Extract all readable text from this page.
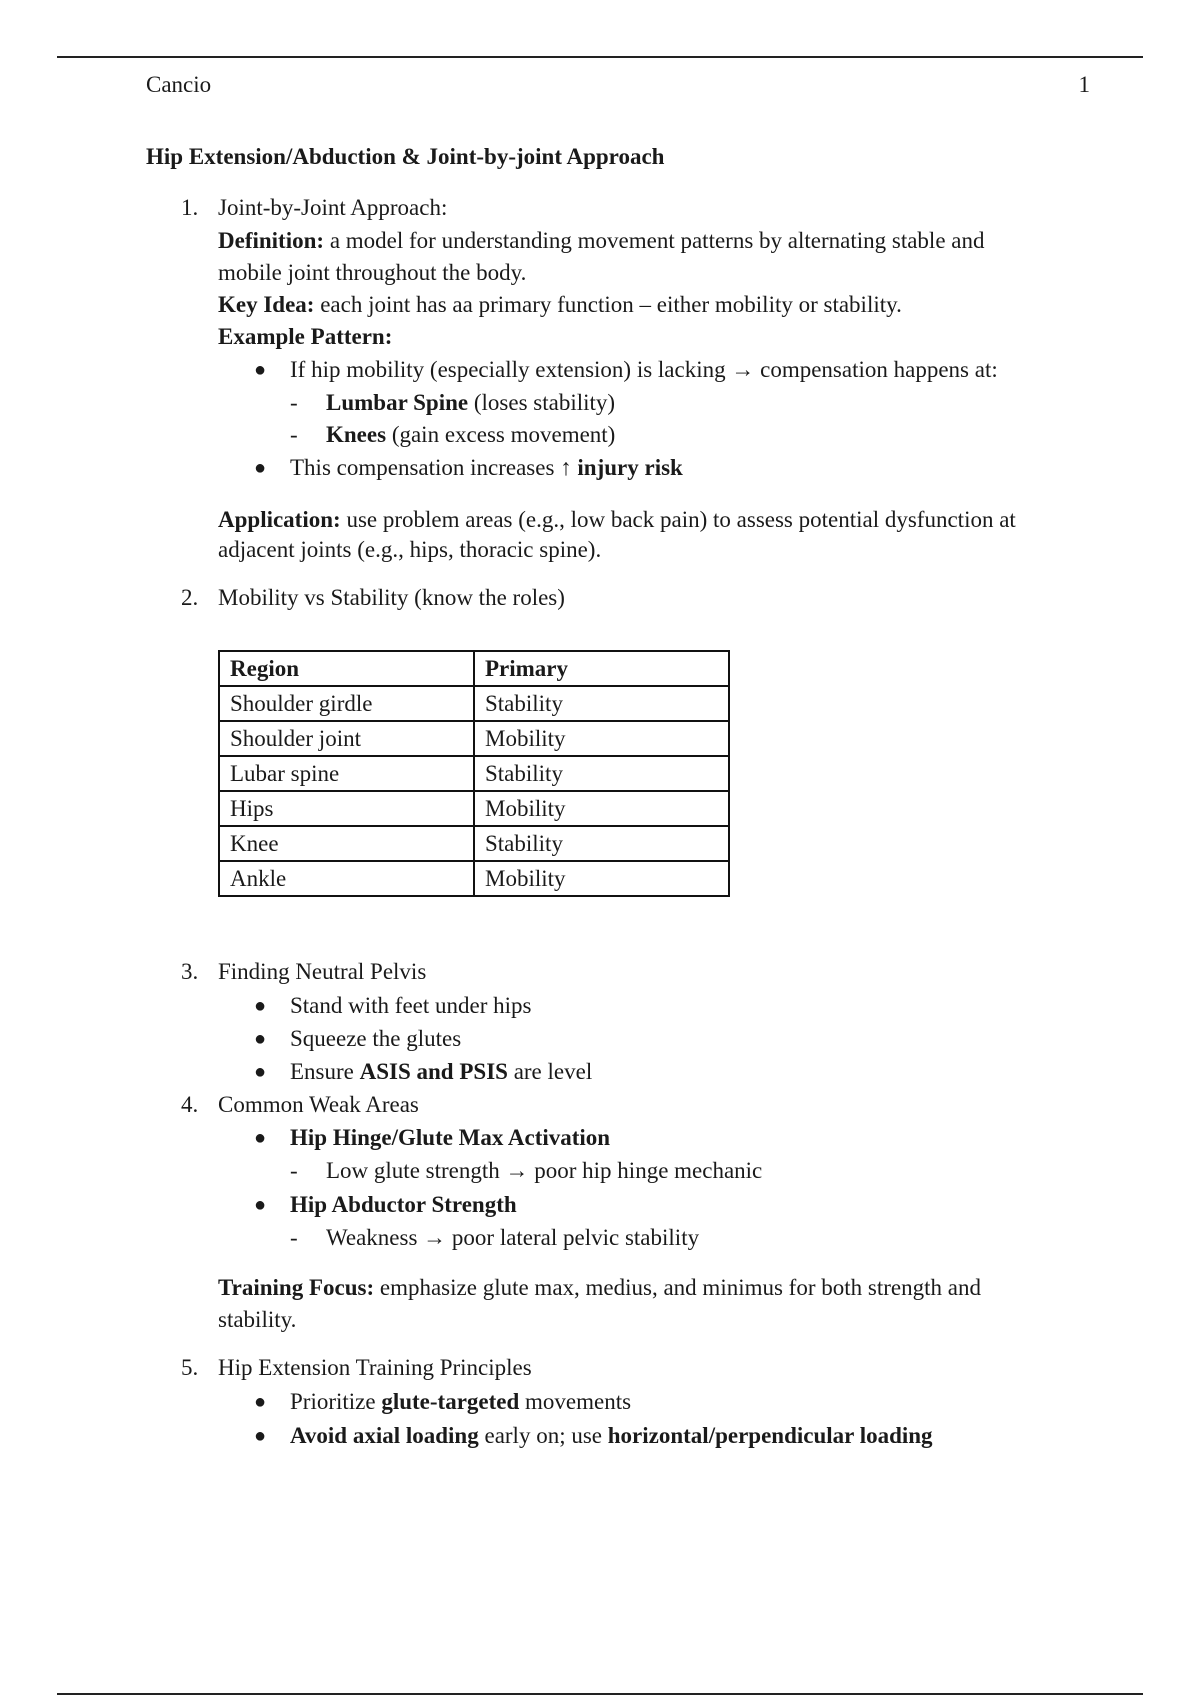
Cancio	1
Hip Extension/Abduction & Joint-by-joint Approach
1. Joint-by-Joint Approach:
Definition: a model for understanding movement patterns by alternating stable and
mobile joint throughout the body.
Key Idea: each joint has aa primary function – either mobility or stability.
Example Pattern:
● If hip mobility (especially extension) is lacking → compensation happens at:
- Lumbar Spine (loses stability)
- Knees (gain excess movement)
● This compensation increases ↑ injury risk
Application: use problem areas (e.g., low back pain) to assess potential dysfunction at
adjacent joints (e.g., hips, thoracic spine).
2. Mobility vs Stability (know the roles)
Region	Primary
Shoulder girdle	Stability
Shoulder joint	Mobility
Lubar spine	Stability
Hips	Mobility
Knee	Stability
Ankle	Mobility
3. Finding Neutral Pelvis
● Stand with feet under hips
● Squeeze the glutes
● Ensure ASIS and PSIS are level
4. Common Weak Areas
● Hip Hinge/Glute Max Activation
- Low glute strength → poor hip hinge mechanic
● Hip Abductor Strength
- Weakness → poor lateral pelvic stability
Training Focus: emphasize glute max, medius, and minimus for both strength and
stability.
5. Hip Extension Training Principles
● Prioritize glute-targeted movements
● Avoid axial loading early on; use horizontal/perpendicular loading
